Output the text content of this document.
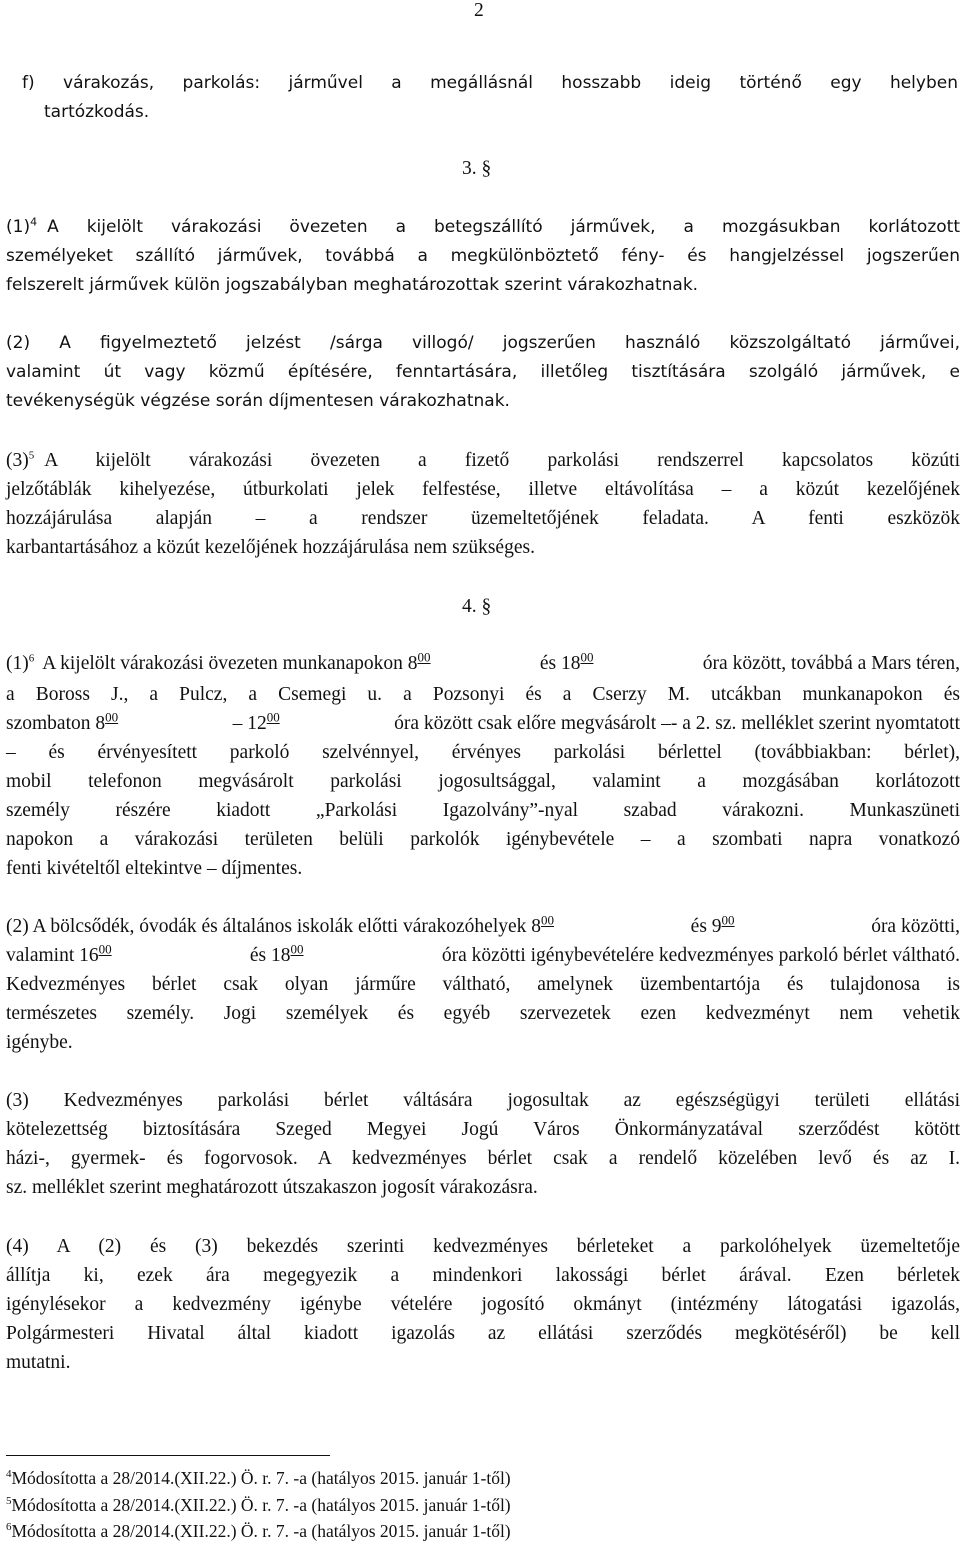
2
f) várakozás, parkolás: járművel a megállásnál hosszabb ideig történő egy helyben
tartózkodás.
3. §
$(1)^4$ A kijelölt várakozási övezeten a betegszállító járművek, a mozgásukban korlátozott
személyeket szállító járművek, továbbá a megkülönböztető fény- és hangjelzéssel jogszerűen
felszerelt járművek külön jogszabályban meghatározottak szerint várakozhatnak.
(2) A figyelmeztető jelzést /sárga villogó/ jogszerűen használó közszolgáltató járművei,
valamint út vagy közmű építésére, fenntartására, illetőleg tisztítására szolgáló járművek, e
tevékenységük végzése során díjmentesen várakozhatnak.
$(3)^5$ A kijelölt várakozási övezeten a fizető parkolási rendszerrel kapcsolatos közúti
jelzőtáblák kihelyezése, útburkolati jelek felfestése, illetve eltávolítása – a közút kezelőjének
hozzájárulása alapján – a rendszer üzemeltetőjének feladata. A fenti eszközök
karbantartásához a közút kezelőjének hozzájárulása nem szükséges.
4. §
$(1)^6$ A kijelölt várakozási övezeten munkanapokon $8^{00}$	és $18^{00}$	óra között, továbbá a Mars téren,
a Boross J., a Pulcz, a Csemegi u. a Pozsonyi és a Cserzy M. utcákban munkanapokon és
szombaton $8^{00}$	– $12^{00}$	óra között csak előre megvásárolt –- a 2. sz. melléklet szerint nyomtatott
– és érvényesített parkoló szelvénnyel, érvényes parkolási bérlettel (továbbiakban: bérlet),
mobil telefonon megvásárolt parkolási jogosultsággal, valamint a mozgásában korlátozott
személy részére kiadott „Parkolási Igazolvány”-nyal szabad várakozni. Munkaszüneti
napokon a várakozási területen belüli parkolók igénybevétele – a szombati napra vonatkozó
fenti kivételtől eltekintve – díjmentes.
(2) A bölcsődék, óvodák és általános iskolák előtti várakozóhelyek $8^{00}$	és $9^{00}$	óra közötti,
valamint $16^{00}$	és $18^{00}$	óra közötti igénybevételére kedvezményes parkoló bérlet váltható.
Kedvezményes bérlet csak olyan járműre váltható, amelynek üzembentartója és tulajdonosa is
természetes személy. Jogi személyek és egyéb szervezetek ezen kedvezményt nem vehetik
igénybe.
(3) Kedvezményes parkolási bérlet váltására jogosultak az egészségügyi területi ellátási
kötelezettség biztosítására Szeged Megyei Jogú Város Önkormányzatával szerződést kötött
házi-, gyermek- és fogorvosok. A kedvezményes bérlet csak a rendelő közelében levő és az I.
sz. melléklet szerint meghatározott útszakaszon jogosít várakozásra.
(4) A (2) és (3) bekezdés szerinti kedvezményes bérleteket a parkolóhelyek üzemeltetője
állítja ki, ezek ára megegyezik a mindenkori lakossági bérlet árával. Ezen bérletek
igénylésekor a kedvezmény igénybe vételére jogosító okmányt (intézmény látogatási igazolás,
Polgármesteri Hivatal által kiadott igazolás az ellátási szerződés megkötéséről) be kell
mutatni.
$^4$Módosította a 28/2014.(XII.22.) Ö. r. 7. -a (hatályos 2015. január 1-től)
$^5$Módosította a 28/2014.(XII.22.) Ö. r. 7. -a (hatályos 2015. január 1-től)
$^6$Módosította a 28/2014.(XII.22.) Ö. r. 7. -a (hatályos 2015. január 1-től)
